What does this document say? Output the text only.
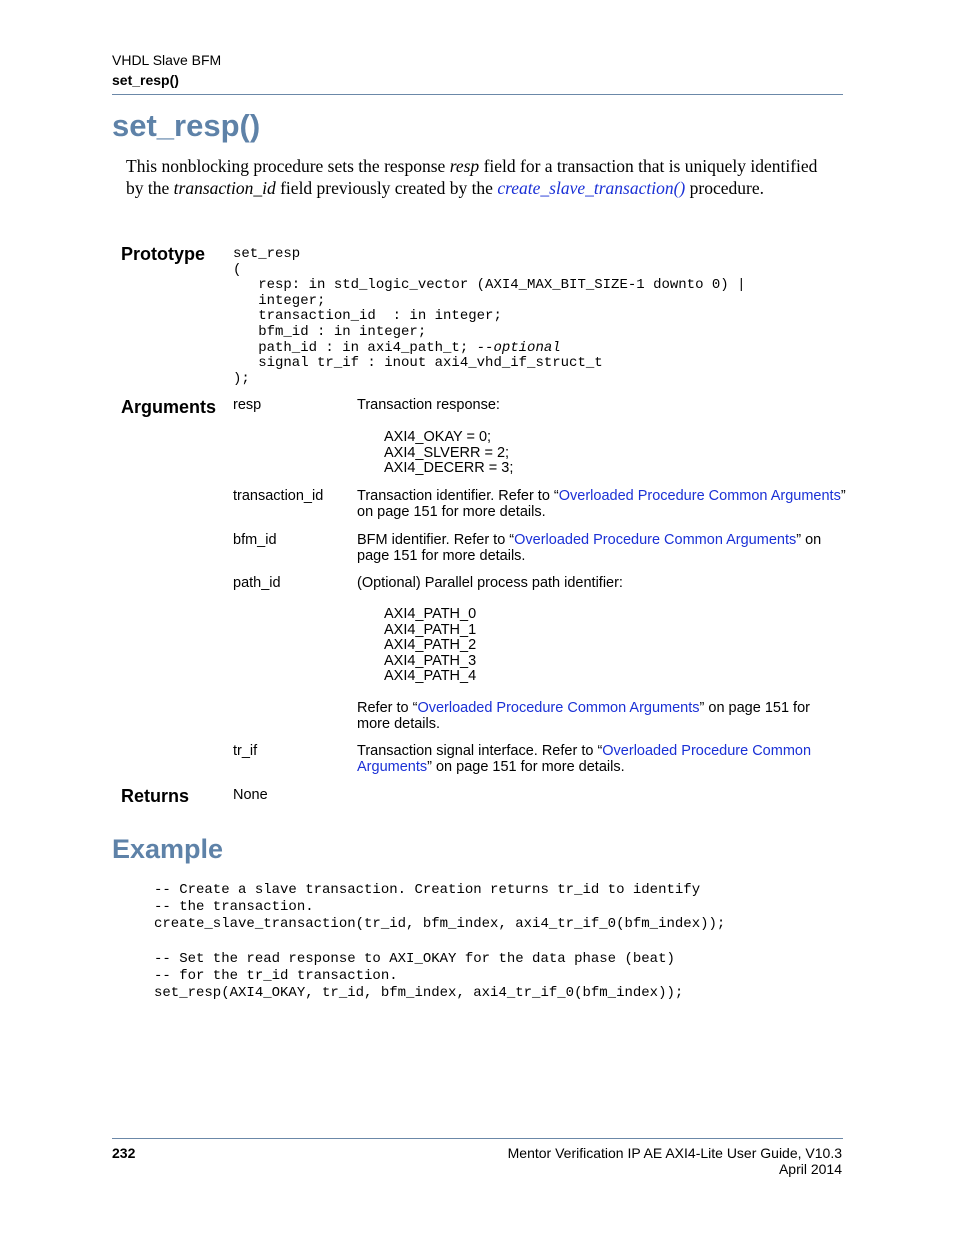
VHDL Slave BFM
set_resp()
set_resp()
This nonblocking procedure sets the response resp field for a transaction that is uniquely identified by the transaction_id field previously created by the create_slave_transaction() procedure.
Prototype set_resp
(
resp: in std_logic_vector (AXI4_MAX_BIT_SIZE-1 downto 0) |
integer;
transaction_id  : in integer;
bfm_id : in integer;
path_id : in axi4_path_t; --optional
signal tr_if : inout axi4_vhd_if_struct_t
);
Arguments resp	Transaction response:
AXI4_OKAY = 0;
AXI4_SLVERR = 2;
AXI4_DECERR = 3;
transaction_id Transaction identifier. Refer to “Overloaded Procedure Common Arguments” on page 151 for more details.
bfm_id	BFM identifier. Refer to “Overloaded Procedure Common Arguments” on page 151 for more details.
path_id	(Optional) Parallel process path identifier:
AXI4_PATH_0
AXI4_PATH_1
AXI4_PATH_2
AXI4_PATH_3
AXI4_PATH_4
Refer to “Overloaded Procedure Common Arguments” on page 151 for more details.
tr_if	Transaction signal interface. Refer to “Overloaded Procedure Common Arguments” on page 151 for more details.
Returns	None
Example
-- Create a slave transaction. Creation returns tr_id to identify
-- the transaction.
create_slave_transaction(tr_id, bfm_index, axi4_tr_if_0(bfm_index));

-- Set the read response to AXI_OKAY for the data phase (beat)
-- for the tr_id transaction.
set_resp(AXI4_OKAY, tr_id, bfm_index, axi4_tr_if_0(bfm_index));
232	Mentor Verification IP AE AXI4-Lite User Guide, V10.3
April 2014
